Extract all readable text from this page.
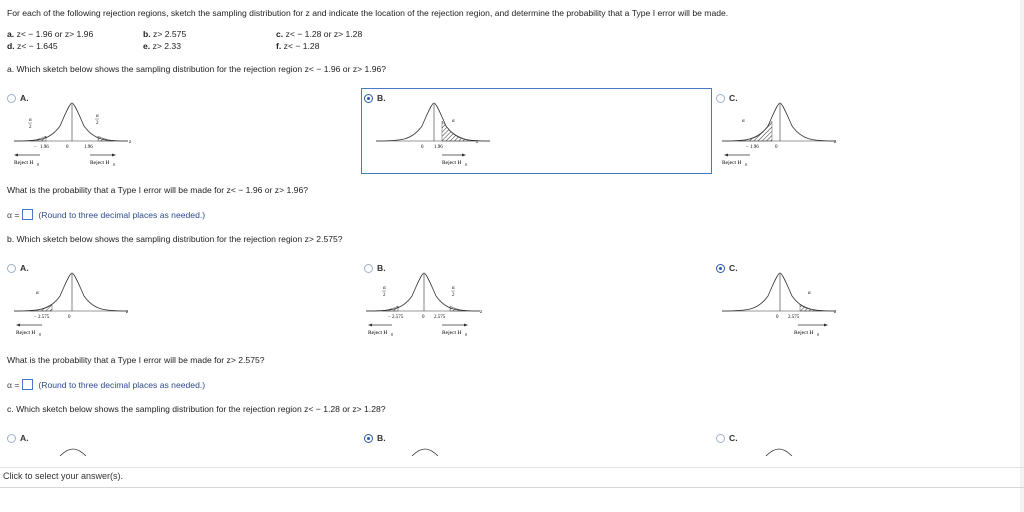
For each of the following rejection regions, sketch the sampling distribution for z and indicate the location of the rejection region, and determine the probability that a Type I error will be made.
a. z< − 1.96 or z> 1.96	b. z> 2.575	c. z< − 1.28 or z> 1.28
d. z< − 1.645	e. z> 2.33	f. z< − 1.28
a. Which sketch below shows the sampling distribution for the rejection region z< − 1.96 or z> 1.96?
A.	B.	C.
α
2
α
2
z
1.96
−	0	1.96
Reject H 0	Reject H 0
α
z
0 1.96
Reject H 0
α
z
− 1.96	0
Reject H 0
What is the probability that a Type I error will be made for z< − 1.96 or z> 1.96?
α = (Round to three decimal places as needed.)
b. Which sketch below shows the sampling distribution for the rejection region z> 2.575?
A.	B.	C.
α
z
− 2.575	0
Reject H 0
α
2
α
2
z
− 2.575	0 2.575
Reject H 0	Reject H 0
α
z
0 2.575
Reject H 0
What is the probability that a Type I error will be made for z> 2.575?
α = (Round to three decimal places as needed.)
c. Which sketch below shows the sampling distribution for the rejection region z< − 1.28 or z> 1.28?
A.	B.	C.
Click to select your answer(s).
